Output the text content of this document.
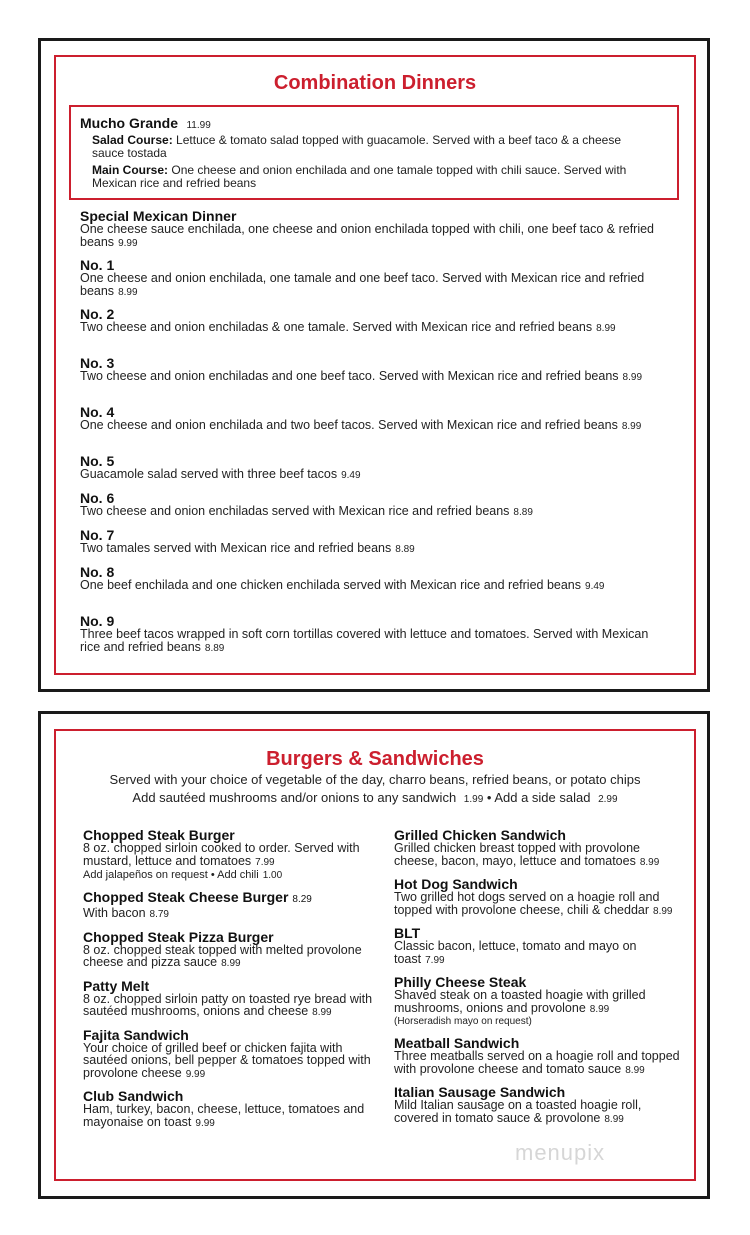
Combination Dinners
Mucho Grande 11.99
Salad Course: Lettuce & tomato salad topped with guacamole. Served with a beef taco & a cheese sauce tostada
Main Course: One cheese and onion enchilada and one tamale topped with chili sauce. Served with Mexican rice and refried beans
Special Mexican Dinner
One cheese sauce enchilada, one cheese and onion enchilada topped with chili, one beef taco & refried beans 9.99
No. 1
One cheese and onion enchilada, one tamale and one beef taco. Served with Mexican rice and refried beans 8.99
No. 2
Two cheese and onion enchiladas & one tamale. Served with Mexican rice and refried beans 8.99
No. 3
Two cheese and onion enchiladas and one beef taco. Served with Mexican rice and refried beans 8.99
No. 4
One cheese and onion enchilada and two beef tacos. Served with Mexican rice and refried beans 8.99
No. 5
Guacamole salad served with three beef tacos 9.49
No. 6
Two cheese and onion enchiladas served with Mexican rice and refried beans 8.89
No. 7
Two tamales served with Mexican rice and refried beans 8.89
No. 8
One beef enchilada and one chicken enchilada served with Mexican rice and refried beans 9.49
No. 9
Three beef tacos wrapped in soft corn tortillas covered with lettuce and tomatoes. Served with Mexican rice and refried beans 8.89
Burgers & Sandwiches
Served with your choice of vegetable of the day, charro beans, refried beans, or potato chips
Add sautéed mushrooms and/or onions to any sandwich 1.99 • Add a side salad 2.99
Chopped Steak Burger
8 oz. chopped sirloin cooked to order. Served with mustard, lettuce and tomatoes 7.99
Add jalapeños on request • Add chili 1.00
Chopped Steak Cheese Burger 8.29
With bacon 8.79
Chopped Steak Pizza Burger
8 oz. chopped steak topped with melted provolone cheese and pizza sauce 8.99
Patty Melt
8 oz. chopped sirloin patty on toasted rye bread with sautéed mushrooms, onions and cheese 8.99
Fajita Sandwich
Your choice of grilled beef or chicken fajita with sautéed onions, bell pepper & tomatoes topped with provolone cheese 9.99
Club Sandwich
Ham, turkey, bacon, cheese, lettuce, tomatoes and mayonaise on toast 9.99
Grilled Chicken Sandwich
Grilled chicken breast topped with provolone cheese, bacon, mayo, lettuce and tomatoes 8.99
Hot Dog Sandwich
Two grilled hot dogs served on a hoagie roll and topped with provolone cheese, chili & cheddar 8.99
BLT
Classic bacon, lettuce, tomato and mayo on toast 7.99
Philly Cheese Steak
Shaved steak on a toasted hoagie with grilled mushrooms, onions and provolone 8.99
(Horseradish mayo on request)
Meatball Sandwich
Three meatballs served on a hoagie roll and topped with provolone cheese and tomato sauce 8.99
Italian Sausage Sandwich
Mild Italian sausage on a toasted hoagie roll, covered in tomato sauce & provolone 8.99
menupix
